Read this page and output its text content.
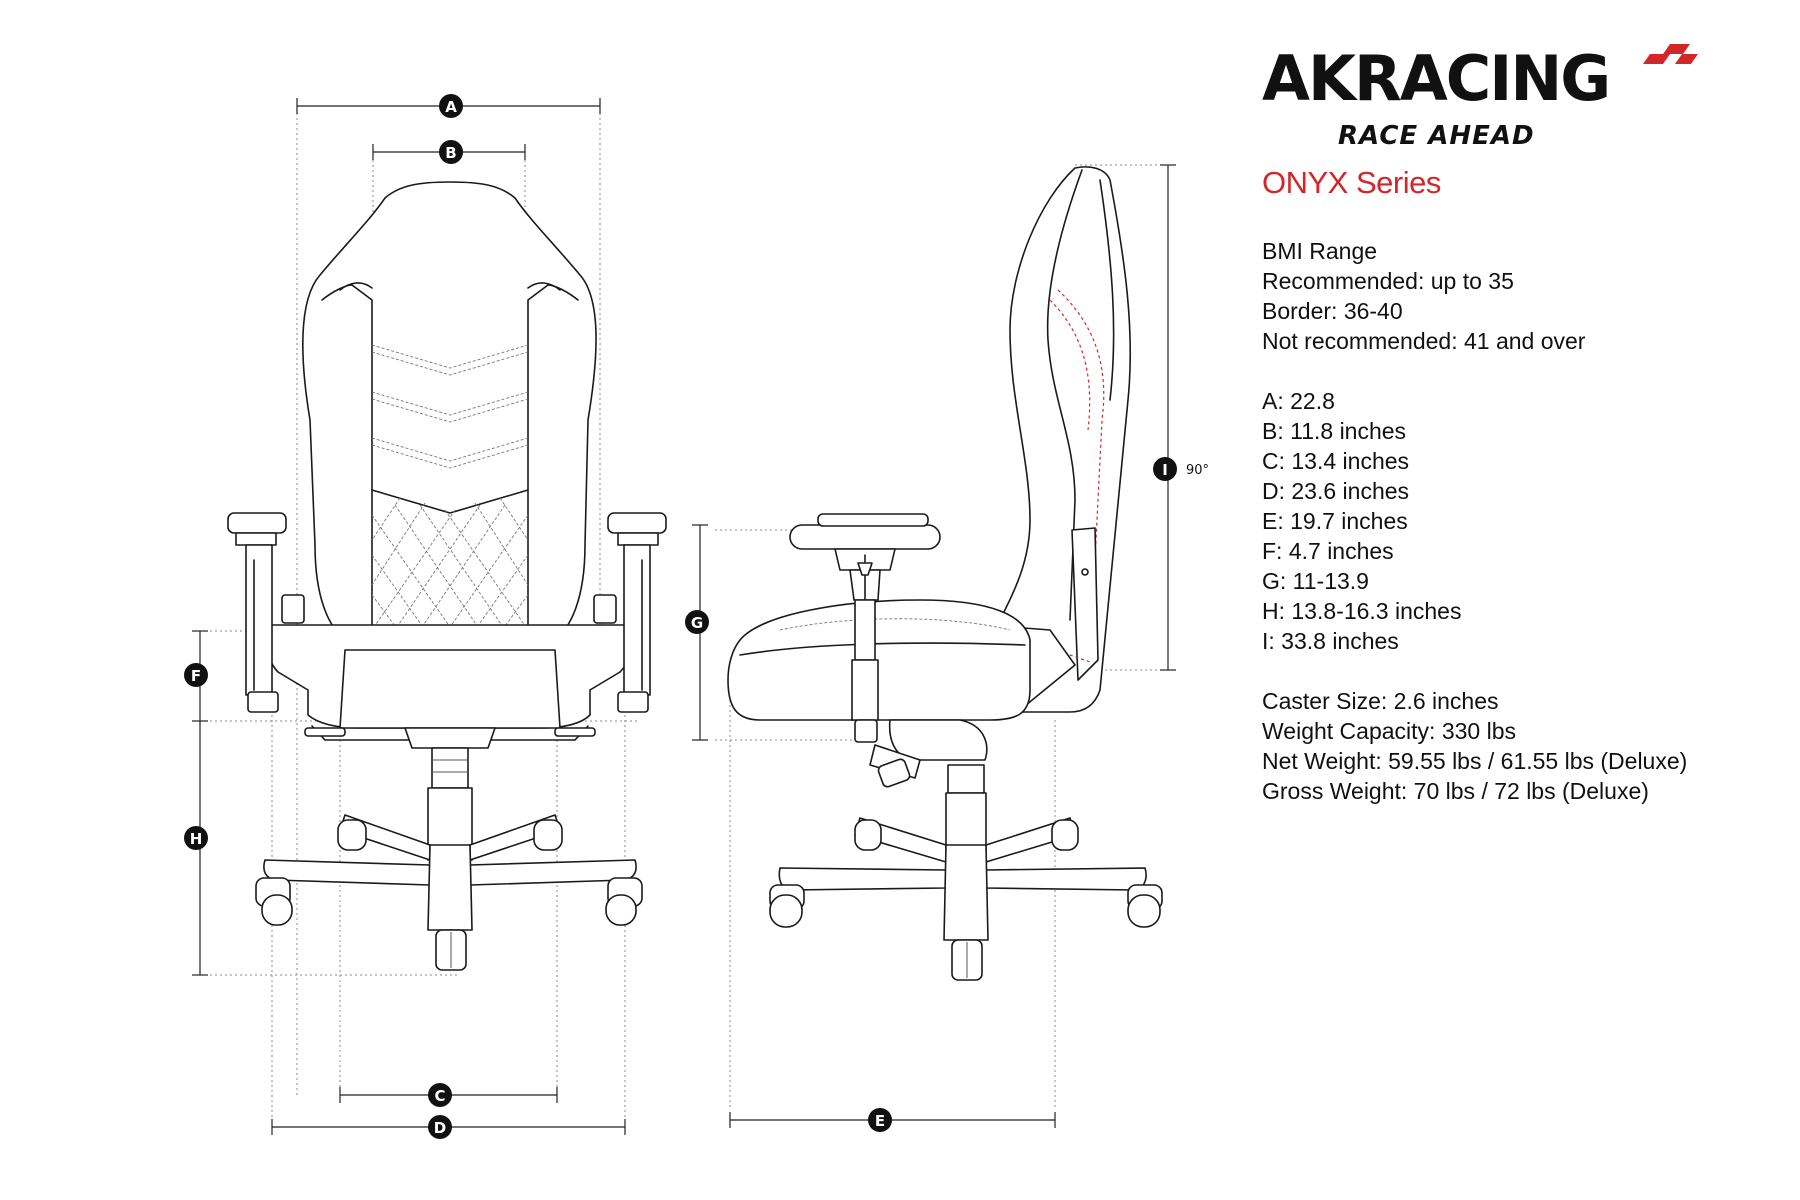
A
B
C
D	E
F
G
H
I 90°
AKRACING
RACE AHEAD
ONYX Series
BMI Range
Recommended: up to 35
Border: 36-40
Not recommended: 41 and over
A: 22.8
B: 11.8 inches
C: 13.4 inches
D: 23.6 inches
E: 19.7 inches
F: 4.7 inches
G: 11-13.9
H: 13.8-16.3 inches
I: 33.8 inches
Caster Size: 2.6 inches
Weight Capacity: 330 lbs
Net Weight: 59.55 lbs / 61.55 lbs (Deluxe)
Gross Weight: 70 lbs / 72 lbs (Deluxe)
